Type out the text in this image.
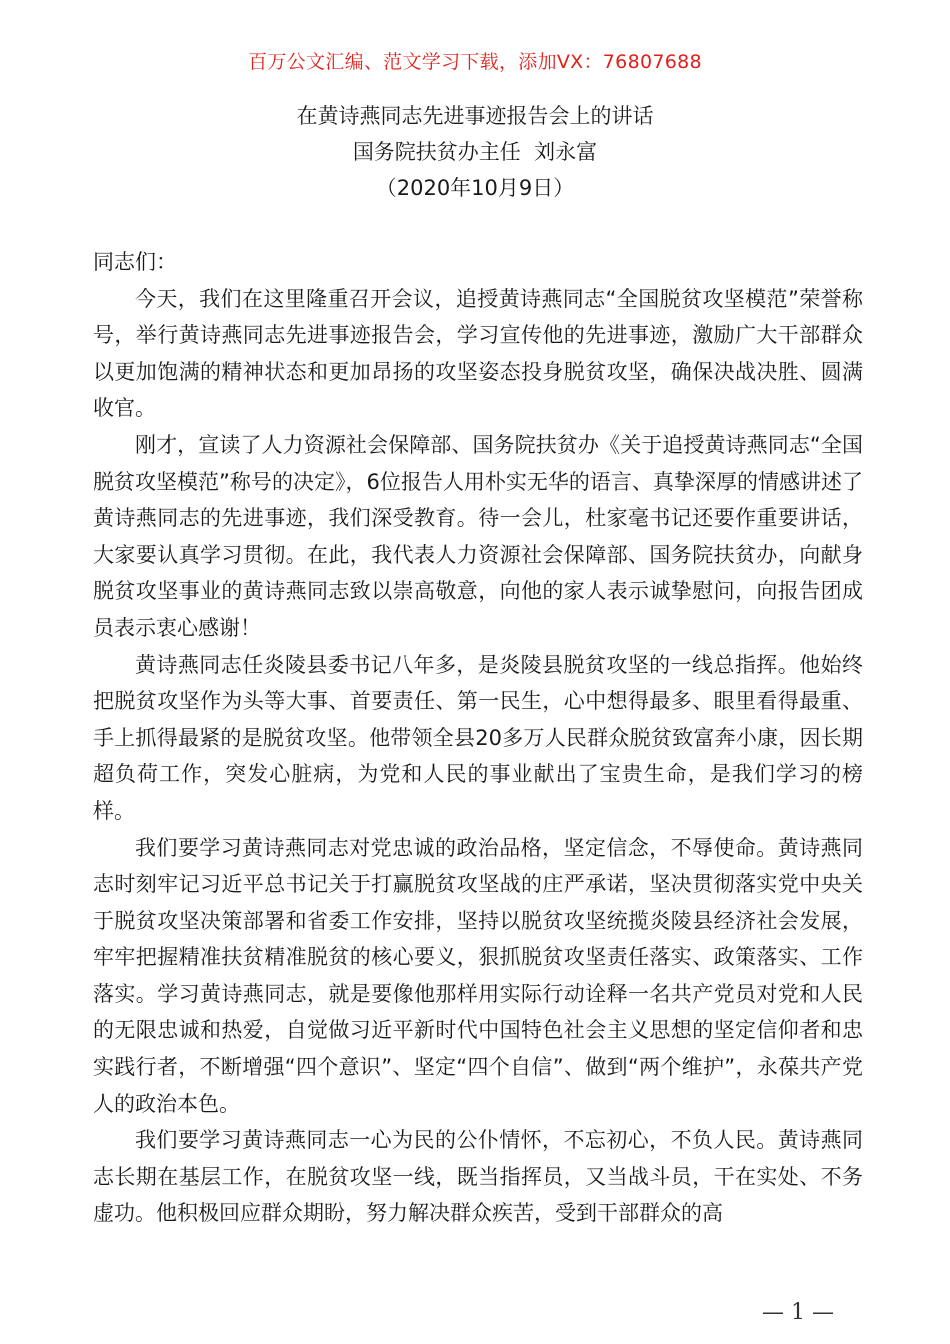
百万公文汇编、范文学习下载，添加VX：76807688
在黄诗燕同志先进事迹报告会上的讲话
国务院扶贫办主任  刘永富
（2020年10月9日）

同志们：

今天，我们在这里隆重召开会议，追授黄诗燕同志“全国脱贫攻坚模范”荣誉称号，举行黄诗燕同志先进事迹报告会，学习宣传他的先进事迹，激励广大干部群众以更加饱满的精神状态和更加昂扬的攻坚姿态投身脱贫攻坚，确保决战决胜、圆满收官。

刚才，宣读了人力资源社会保障部、国务院扶贫办《关于追授黄诗燕同志“全国脱贫攻坚模范”称号的决定》，6位报告人用朴实无华的语言、真挚深厚的情感讲述了黄诗燕同志的先进事迹，我们深受教育。待一会儿，杜家毫书记还要作重要讲话，大家要认真学习贯彻。在此，我代表人力资源社会保障部、国务院扶贫办，向献身脱贫攻坚事业的黄诗燕同志致以崇高敬意，向他的家人表示诚挚慰问，向报告团成员表示衷心感谢！

黄诗燕同志任炎陵县委书记八年多，是炎陵县脱贫攻坚的一线总指挥。他始终把脱贫攻坚作为头等大事、首要责任、第一民生，心中想得最多、眼里看得最重、手上抓得最紧的是脱贫攻坚。他带领全县20多万人民群众脱贫致富奔小康，因长期超负荷工作，突发心脏病，为党和人民的事业献出了宝贵生命，是我们学习的榜样。

我们要学习黄诗燕同志对党忠诚的政治品格，坚定信念，不辱使命。黄诗燕同志时刻牢记习近平总书记关于打赢脱贫攻坚战的庄严承诺，坚决贯彻落实党中央关于脱贫攻坚决策部署和省委工作安排，坚持以脱贫攻坚统揽炎陵县经济社会发展，牢牢把握精准扶贫精准脱贫的核心要义，狠抓脱贫攻坚责任落实、政策落实、工作落实。学习黄诗燕同志，就是要像他那样用实际行动诠释一名共产党员对党和人民的无限忠诚和热爱，自觉做习近平新时代中国特色社会主义思想的坚定信仰者和忠实践行者，不断增强“四个意识”、坚定“四个自信”、做到“两个维护”，永葆共产党人的政治本色。

我们要学习黄诗燕同志一心为民的公仆情怀，不忘初心，不负人民。黄诗燕同志长期在基层工作，在脱贫攻坚一线，既当指挥员，又当战斗员，干在实处、不务虚功。他积极回应群众期盼，努力解决群众疾苦，受到干部群众的高

— 1 —
